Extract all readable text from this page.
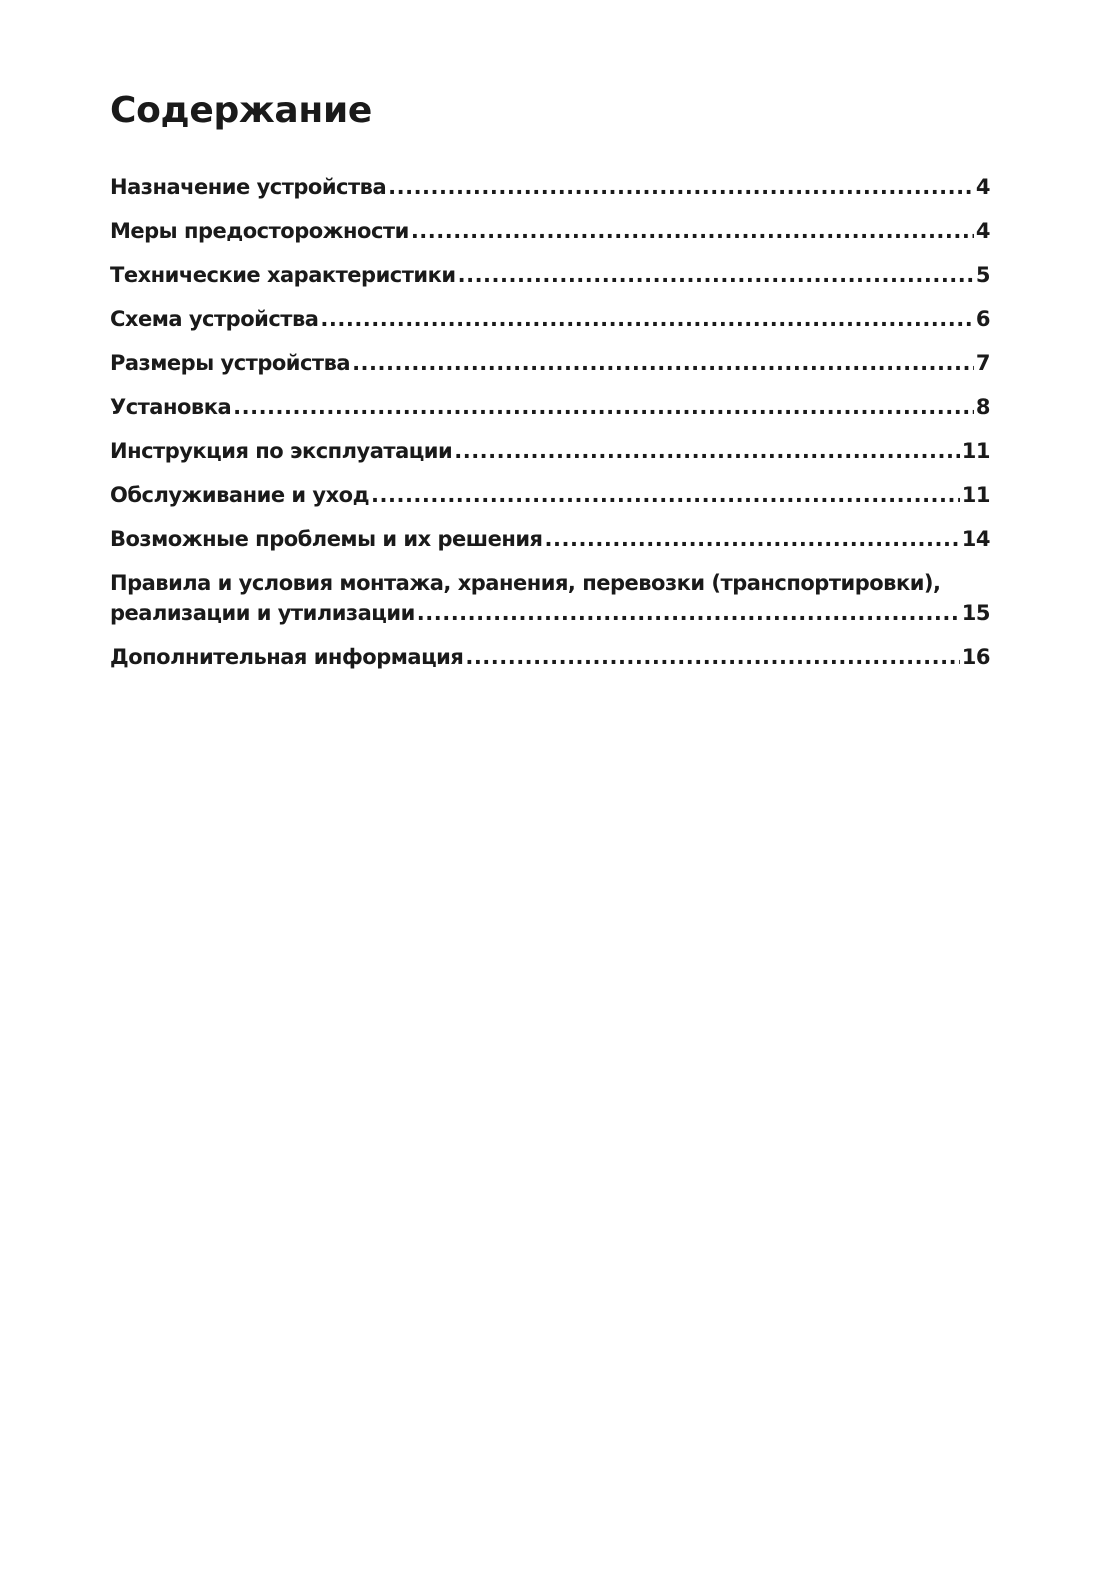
Содержание
Назначение устройства .....	4
Меры предосторожности .....	4
Технические характеристики .....	5
Схема устройства .....	6
Размеры устройства .....	7
Установка .....	8
Инструкция по эксплуатации .....	11
Обслуживание и уход .....	11
Возможные проблемы и их решения .....	14
Правила и условия монтажа, хранения, перевозки (транспортировки),
реализации и утилизации .....	15
Дополнительная информация .....	16
